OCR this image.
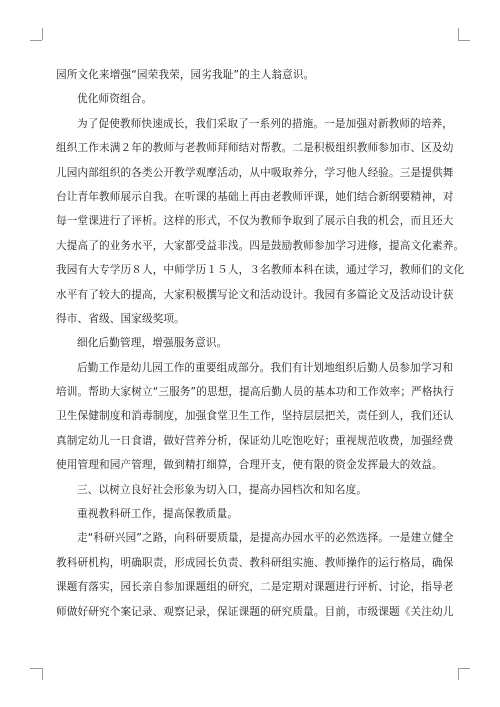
园所文化来增强“园荣我荣，园劣我耻”的主人翁意识。
优化师资组合。
为了促使教师快速成长，我们采取了一系列的措施。一是加强对新教师的培养，
组织工作未满２年的教师与老教师拜师结对帮教。二是积极组织教师参加市、区及幼
儿园内部组织的各类公开教学观摩活动，从中吸取养分，学习他人经验。三是提供舞
台让青年教师展示自我。在听课的基础上再由老教师评课，她们结合新纲要精神，对
每一堂课进行了评析。这样的形式，不仅为教师争取到了展示自我的机会，而且还大
大提高了的业务水平，大家都受益非浅。四是鼓励教师参加学习进修，提高文化素养。
我园有大专学历８人，中师学历１５人，３名教师本科在读，通过学习，教师们的文化
水平有了较大的提高，大家积极撰写论文和活动设计。我园有多篇论文及活动设计获
得市、省级、国家级奖项。
细化后勤管理，增强服务意识。
后勤工作是幼儿园工作的重要组成部分。我们有计划地组织后勤人员参加学习和
培训。帮助大家树立“三服务”的思想，提高后勤人员的基本功和工作效率；严格执行
卫生保健制度和消毒制度，加强食堂卫生工作，坚持层层把关，责任到人，我们还认
真制定幼儿一日食谱，做好营养分析，保证幼儿吃饱吃好；重视规范收费，加强经费
使用管理和园产管理，做到精打细算，合理开支，使有限的资金发挥最大的效益。
三、以树立良好社会形象为切入口，提高办园档次和知名度。
重视教科研工作，提高保教质量。
走“科研兴园”之路，向科研要质量，是提高办园水平的必然选择。一是建立健全
教科研机构，明确职责，形成园长负责、教科研组实施、教师操作的运行格局，确保
课题有落实，园长亲自参加课题组的研究，二是定期对课题进行评析、讨论，指导老
师做好研究个案记录、观察记录，保证课题的研究质量。目前，市级课题《关注幼儿
